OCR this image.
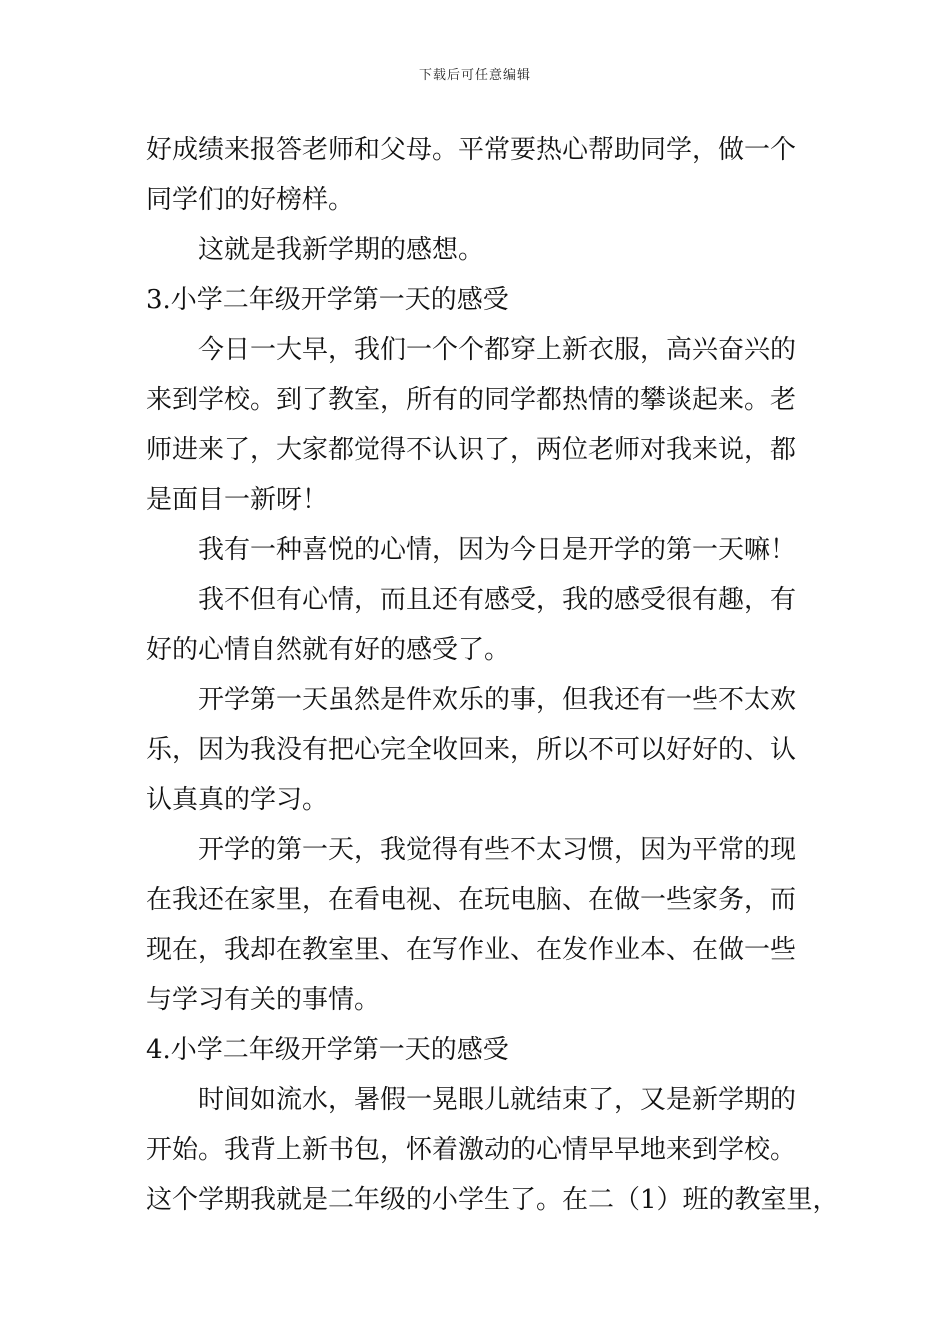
下载后可任意编辑
好成绩来报答老师和父母。平常要热心帮助同学，做一个
同学们的好榜样。
这就是我新学期的感想。
3.小学二年级开学第一天的感受
今日一大早，我们一个个都穿上新衣服，高兴奋兴的
来到学校。到了教室，所有的同学都热情的攀谈起来。老
师进来了，大家都觉得不认识了，两位老师对我来说，都
是面目一新呀！
我有一种喜悦的心情，因为今日是开学的第一天嘛！
我不但有心情，而且还有感受，我的感受很有趣，有
好的心情自然就有好的感受了。
开学第一天虽然是件欢乐的事，但我还有一些不太欢
乐，因为我没有把心完全收回来，所以不可以好好的、认
认真真的学习。
开学的第一天，我觉得有些不太习惯，因为平常的现
在我还在家里，在看电视、在玩电脑、在做一些家务，而
现在，我却在教室里、在写作业、在发作业本、在做一些
与学习有关的事情。
4.小学二年级开学第一天的感受
时间如流水，暑假一晃眼儿就结束了，又是新学期的
开始。我背上新书包，怀着激动的心情早早地来到学校。
这个学期我就是二年级的小学生了。在二（1）班的教室里，
